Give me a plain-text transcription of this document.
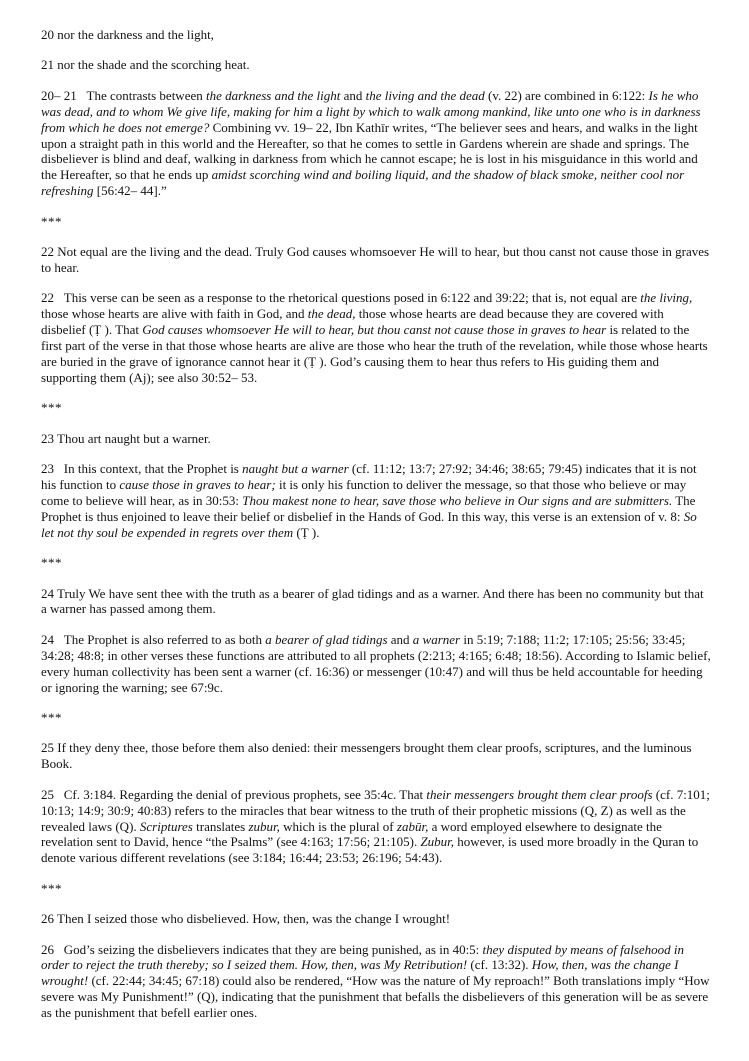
20 nor the darkness and the light,

21 nor the shade and the scorching heat.

20– 21   The contrasts between the darkness and the light and the living and the dead (v. 22) are combined in 6:122: Is he who was dead, and to whom We give life, making for him a light by which to walk among mankind, like unto one who is in darkness from which he does not emerge? Combining vv. 19– 22, Ibn Kathīr writes, “The believer sees and hears, and walks in the light upon a straight path in this world and the Hereafter, so that he comes to settle in Gardens wherein are shade and springs. The disbeliever is blind and deaf, walking in darkness from which he cannot escape; he is lost in his misguidance in this world and the Hereafter, so that he ends up amidst scorching wind and boiling liquid, and the shadow of black smoke, neither cool nor refreshing [56:42– 44].”

***

22 Not equal are the living and the dead. Truly God causes whomsoever He will to hear, but thou canst not cause those in graves to hear.

22   This verse can be seen as a response to the rhetorical questions posed in 6:122 and 39:22; that is, not equal are the living, those whose hearts are alive with faith in God, and the dead, those whose hearts are dead because they are covered with disbelief (Ṭ ). That God causes whomsoever He will to hear, but thou canst not cause those in graves to hear is related to the first part of the verse in that those whose hearts are alive are those who hear the truth of the revelation, while those whose hearts are buried in the grave of ignorance cannot hear it (Ṭ ). God’s causing them to hear thus refers to His guiding them and supporting them (Aj); see also 30:52– 53.

***

23 Thou art naught but a warner.

23   In this context, that the Prophet is naught but a warner (cf. 11:12; 13:7; 27:92; 34:46; 38:65; 79:45) indicates that it is not his function to cause those in graves to hear; it is only his function to deliver the message, so that those who believe or may come to believe will hear, as in 30:53: Thou makest none to hear, save those who believe in Our signs and are submitters. The Prophet is thus enjoined to leave their belief or disbelief in the Hands of God. In this way, this verse is an extension of v. 8: So let not thy soul be expended in regrets over them (Ṭ ).

***

24 Truly We have sent thee with the truth as a bearer of glad tidings and as a warner. And there has been no community but that a warner has passed among them.

24   The Prophet is also referred to as both a bearer of glad tidings and a warner in 5:19; 7:188; 11:2; 17:105; 25:56; 33:45; 34:28; 48:8; in other verses these functions are attributed to all prophets (2:213; 4:165; 6:48; 18:56). According to Islamic belief, every human collectivity has been sent a warner (cf. 16:36) or messenger (10:47) and will thus be held accountable for heeding or ignoring the warning; see 67:9c.

***

25 If they deny thee, those before them also denied: their messengers brought them clear proofs, scriptures, and the luminous Book.

25   Cf. 3:184. Regarding the denial of previous prophets, see 35:4c. That their messengers brought them clear proofs (cf. 7:101; 10:13; 14:9; 30:9; 40:83) refers to the miracles that bear witness to the truth of their prophetic missions (Q, Z) as well as the revealed laws (Q). Scriptures translates zubur, which is the plural of zabūr, a word employed elsewhere to designate the revelation sent to David, hence “the Psalms” (see 4:163; 17:56; 21:105). Zubur, however, is used more broadly in the Quran to denote various different revelations (see 3:184; 16:44; 23:53; 26:196; 54:43).

***

26 Then I seized those who disbelieved. How, then, was the change I wrought!

26   God’s seizing the disbelievers indicates that they are being punished, as in 40:5: they disputed by means of falsehood in order to reject the truth thereby; so I seized them. How, then, was My Retribution! (cf. 13:32). How, then, was the change I wrought! (cf. 22:44; 34:45; 67:18) could also be rendered, “How was the nature of My reproach!” Both translations imply “How severe was My Punishment!” (Q), indicating that the punishment that befalls the disbelievers of this generation will be as severe as the punishment that befell earlier ones.
